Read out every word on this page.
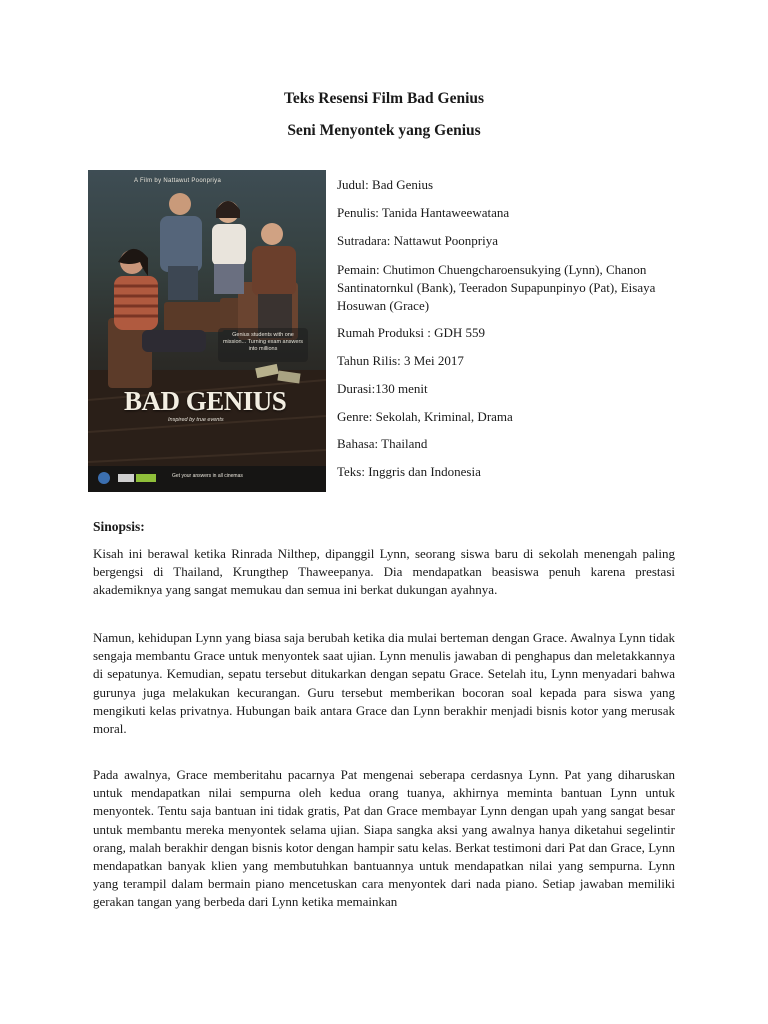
Teks Resensi Film Bad Genius
Seni Menyontek yang Genius
A Film by Nattawut Poonpriya
Genius students with one mission... Turning exam answers into millions
BAD GENIUS
Inspired by true events
Get your answers in all cinemas
Judul: Bad Genius
Penulis: Tanida Hantaweewatana
Sutradara: Nattawut Poonpriya
Pemain: Chutimon Chuengcharoensukying (Lynn), Chanon Santinatornkul (Bank), Teeradon Supapunpinyo (Pat), Eisaya Hosuwan (Grace)
Rumah Produksi : GDH 559
Tahun Rilis: 3 Mei 2017
Durasi:130 menit
Genre: Sekolah, Kriminal, Drama
Bahasa: Thailand
Teks: Inggris dan Indonesia
Sinopsis:
Kisah ini berawal ketika Rinrada Nilthep, dipanggil Lynn, seorang siswa baru di sekolah menengah paling bergengsi di Thailand, Krungthep Thaweepanya. Dia mendapatkan beasiswa penuh karena prestasi akademiknya yang sangat memukau dan semua ini berkat dukungan ayahnya.
Namun, kehidupan Lynn yang biasa saja berubah ketika dia mulai berteman dengan Grace. Awalnya Lynn tidak sengaja membantu Grace untuk menyontek saat ujian. Lynn menulis jawaban di penghapus dan meletakkannya di sepatunya. Kemudian, sepatu tersebut ditukarkan dengan sepatu Grace. Setelah itu, Lynn menyadari bahwa gurunya juga melakukan kecurangan. Guru tersebut memberikan bocoran soal kepada para siswa yang mengikuti kelas privatnya. Hubungan baik antara Grace dan Lynn berakhir menjadi bisnis kotor yang merusak moral.
Pada awalnya, Grace memberitahu pacarnya Pat mengenai seberapa cerdasnya Lynn. Pat yang diharuskan untuk mendapatkan nilai sempurna oleh kedua orang tuanya, akhirnya meminta bantuan Lynn untuk menyontek. Tentu saja bantuan ini tidak gratis, Pat dan Grace membayar Lynn dengan upah yang sangat besar untuk membantu mereka menyontek selama ujian. Siapa sangka aksi yang awalnya hanya diketahui segelintir orang, malah berakhir dengan bisnis kotor dengan hampir satu kelas. Berkat testimoni dari Pat dan Grace, Lynn mendapatkan banyak klien yang membutuhkan bantuannya untuk mendapatkan nilai yang sempurna. Lynn yang terampil dalam bermain piano mencetuskan cara menyontek dari nada piano. Setiap jawaban memiliki gerakan tangan yang berbeda dari Lynn ketika memainkan
